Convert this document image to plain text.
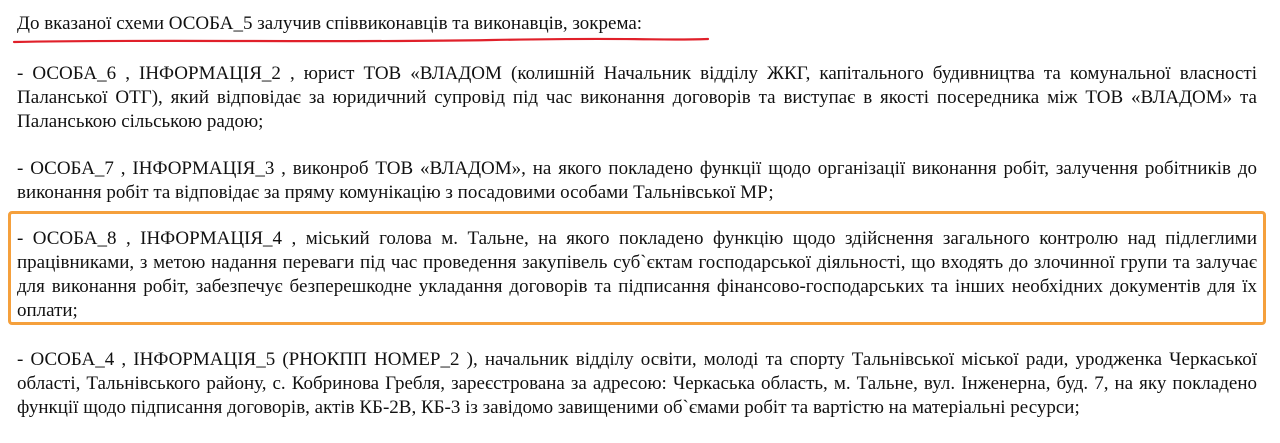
До вказаної схеми ОСОБА_5 залучив співвиконавців та виконавців, зокрема:

- ОСОБА_6 , ІНФОРМАЦІЯ_2 , юрист ТОВ «ВЛАДОМ (колишній Начальник відділу ЖКГ, капітального будивництва та комунальної власності Паланської ОТГ), який відповідає за юридичний супровід під час виконання договорів та виступає в якості посередника між ТОВ «ВЛАДОМ» та Паланською сільською радою;

- ОСОБА_7 , ІНФОРМАЦІЯ_3 , виконроб ТОВ «ВЛАДОМ», на якого покладено функції щодо організації виконання робіт, залучення робітників до виконання робіт та відповідає за пряму комунікацію з посадовими особами Тальнівської МР;

- ОСОБА_8 , ІНФОРМАЦІЯ_4 , міський голова м. Тальне, на якого покладено функцію щодо здійснення загального контролю над підлеглими працівниками, з метою надання переваги під час проведення закупівель суб`єктам господарської діяльності, що входять до злочинної групи та залучає для виконання робіт, забезпечує безперешкодне укладання договорів та підписання фінансово-господарських та інших необхідних документів для їх оплати;

- ОСОБА_4 , ІНФОРМАЦІЯ_5 (РНОКПП НОМЕР_2 ), начальник відділу освіти, молоді та спорту Тальнівської міської ради, уродженка Черкаської області, Тальнівського району, с. Кобринова Гребля, зареєстрована за адресою: Черкаська область, м. Тальне, вул. Інженерна, буд. 7, на яку покладено функції щодо підписання договорів, актів КБ-2В, КБ-3 із завідомо завищеними об`ємами робіт та вартістю на матеріальні ресурси;
